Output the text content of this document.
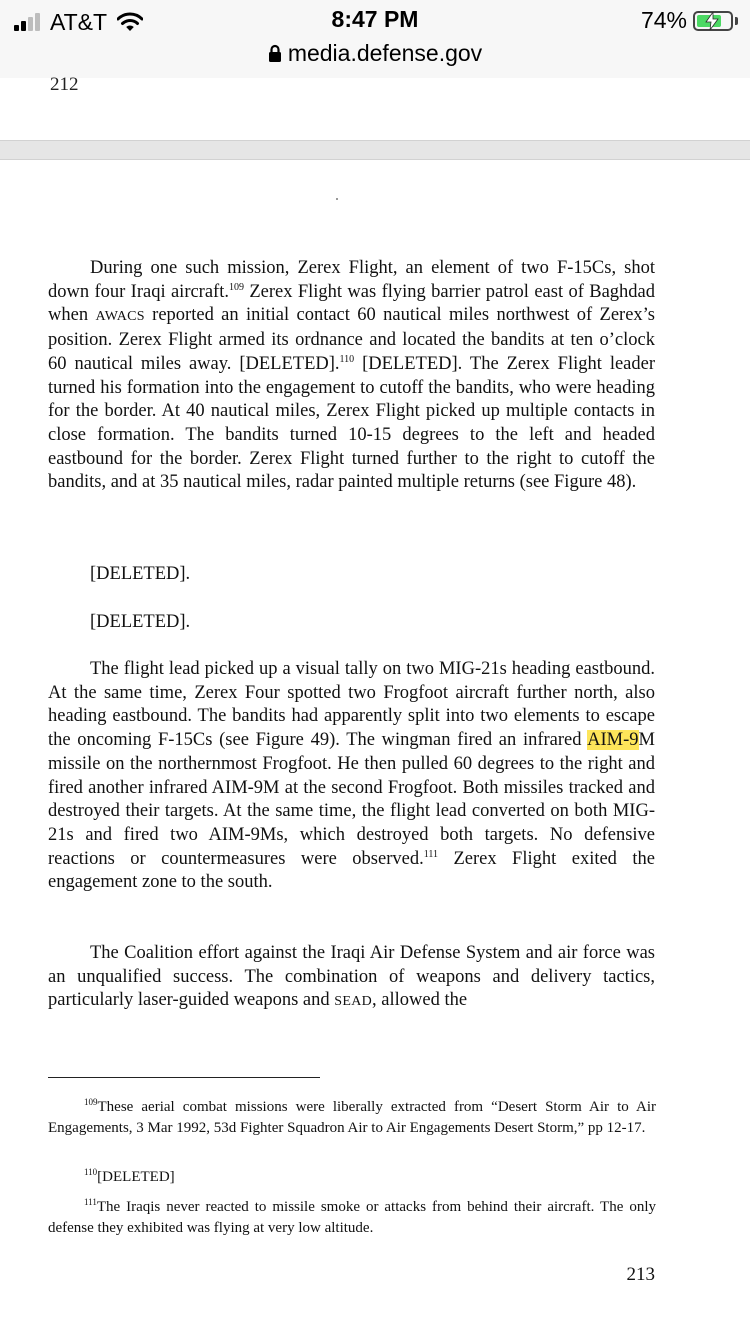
AT&T	8:47 PM
media.defense.gov
74%
212

During one such mission, Zerex Flight, an element of two F-15Cs, shot down four Iraqi aircraft.$^{109}$ Zerex Flight was flying barrier patrol east of Baghdad when AWACS reported an initial contact 60 nautical miles northwest of Zerex’s position. Zerex Flight armed its ordnance and located the bandits at ten o’clock 60 nautical miles away. [DELETED].$^{110}$ [DELETED]. The Zerex Flight leader turned his formation into the engagement to cutoff the bandits, who were heading for the border. At 40 nautical miles, Zerex Flight picked up multiple contacts in close formation. The bandits turned 10-15 degrees to the left and headed eastbound for the border. Zerex Flight turned further to the right to cutoff the bandits, and at 35 nautical miles, radar painted multiple returns (see Figure 48).

[DELETED].
[DELETED].

The flight lead picked up a visual tally on two MIG-21s heading eastbound. At the same time, Zerex Four spotted two Frogfoot aircraft further north, also heading eastbound. The bandits had apparently split into two elements to escape the oncoming F-15Cs (see Figure 49). The wingman fired an infrared AIM-9M missile on the northernmost Frogfoot. He then pulled 60 degrees to the right and fired another infrared AIM-9M at the second Frogfoot. Both missiles tracked and destroyed their targets. At the same time, the flight lead converted on both MIG-21s and fired two AIM-9Ms, which destroyed both targets. No defensive reactions or countermeasures were observed.$^{111}$ Zerex Flight exited the engagement zone to the south.

The Coalition effort against the Iraqi Air Defense System and air force was an unqualified success. The combination of weapons and delivery tactics, particularly laser-guided weapons and SEAD, allowed the

$^{109}$These aerial combat missions were liberally extracted from “Desert Storm Air to Air Engagements, 3 Mar 1992, 53d Fighter Squadron Air to Air Engagements Desert Storm,” pp 12-17.

$^{110}$[DELETED]

$^{111}$The Iraqis never reacted to missile smoke or attacks from behind their aircraft. The only defense they exhibited was flying at very low altitude.

213
